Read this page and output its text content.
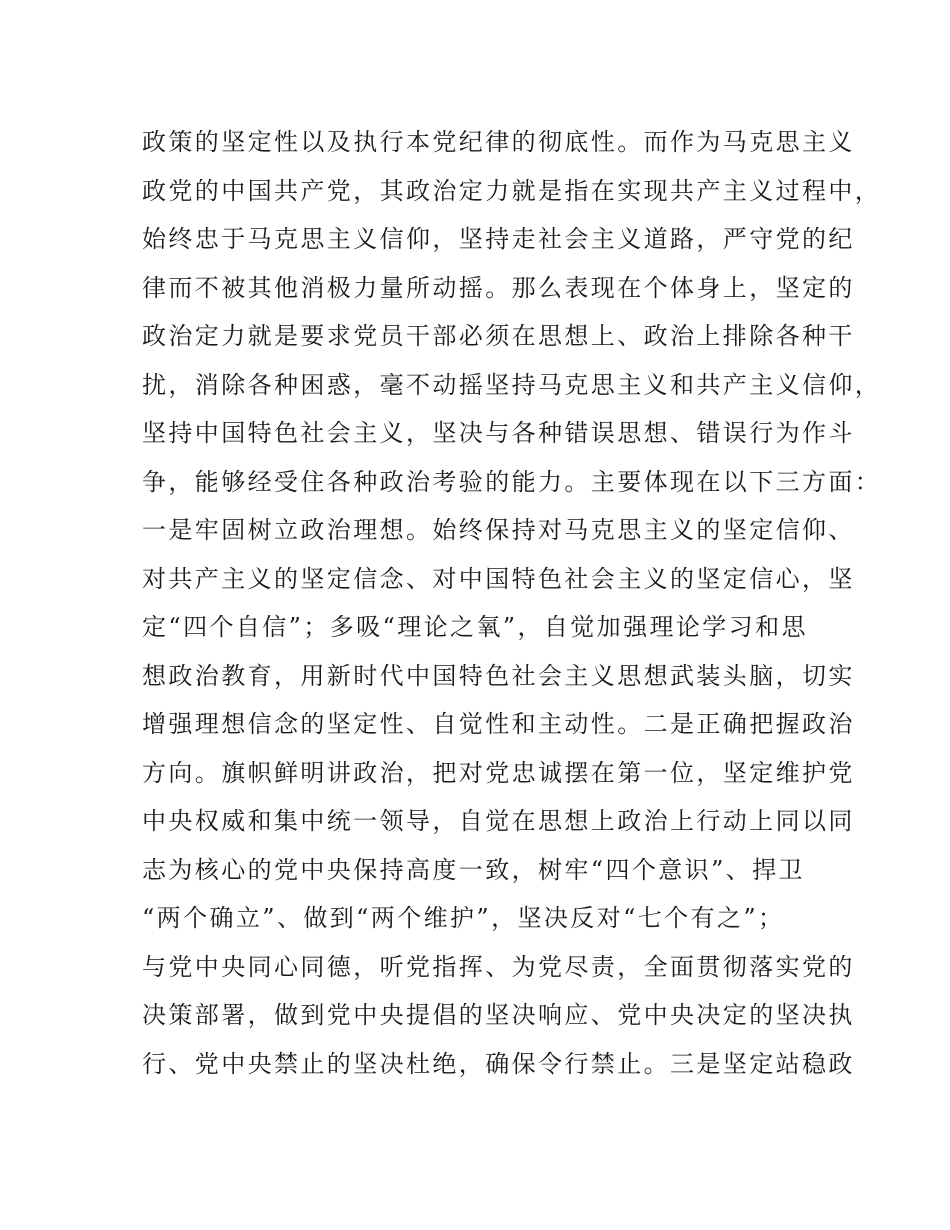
政策的坚定性以及执行本党纪律的彻底性。而作为马克思主义
政党的中国共产党，其政治定力就是指在实现共产主义过程中，
始终忠于马克思主义信仰，坚持走社会主义道路，严守党的纪
律而不被其他消极力量所动摇。那么表现在个体身上，坚定的
政治定力就是要求党员干部必须在思想上、政治上排除各种干
扰，消除各种困惑，毫不动摇坚持马克思主义和共产主义信仰，
坚持中国特色社会主义，坚决与各种错误思想、错误行为作斗
争，能够经受住各种政治考验的能力。主要体现在以下三方面：
一是牢固树立政治理想。始终保持对马克思主义的坚定信仰、
对共产主义的坚定信念、对中国特色社会主义的坚定信心，坚
定“四个自信”；多吸“理论之氧”，自觉加强理论学习和思
想政治教育，用新时代中国特色社会主义思想武装头脑，切实
增强理想信念的坚定性、自觉性和主动性。二是正确把握政治
方向。旗帜鲜明讲政治，把对党忠诚摆在第一位，坚定维护党
中央权威和集中统一领导，自觉在思想上政治上行动上同以同
志为核心的党中央保持高度一致，树牢“四个意识”、捍卫
“两个确立”、做到“两个维护”，坚决反对“七个有之”；
与党中央同心同德，听党指挥、为党尽责，全面贯彻落实党的
决策部署，做到党中央提倡的坚决响应、党中央决定的坚决执
行、党中央禁止的坚决杜绝，确保令行禁止。三是坚定站稳政
